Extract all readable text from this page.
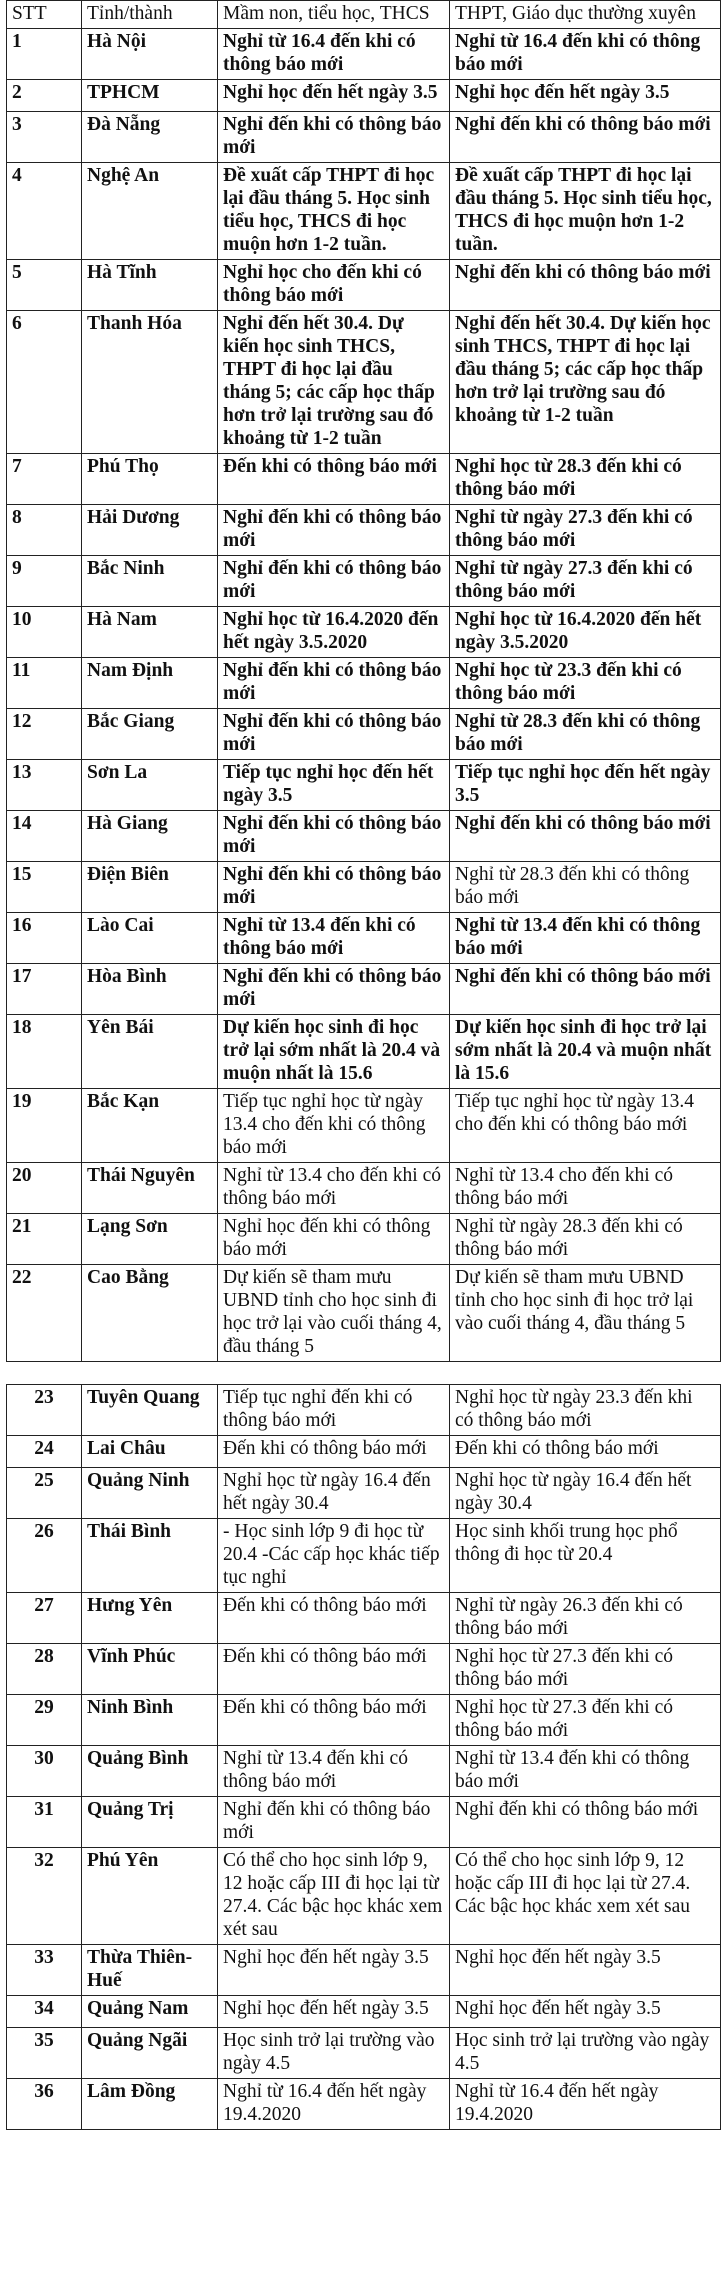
STT	Tỉnh/thành	Mầm non, tiểu học, THCS	THPT, Giáo dục thường xuyên
1	Hà Nội	Nghỉ từ 16.4 đến khi có thông báo mới	Nghỉ từ 16.4 đến khi có thông báo mới
2	TPHCM	Nghỉ học đến hết ngày 3.5	Nghỉ học đến hết ngày 3.5
3	Đà Nẵng	Nghỉ đến khi có thông báo mới	Nghỉ đến khi có thông báo mới
4	Nghệ An	Đề xuất cấp THPT đi học lại đầu tháng 5. Học sinh tiểu học, THCS đi học muộn hơn 1-2 tuần.	Đề xuất cấp THPT đi học lại đầu tháng 5. Học sinh tiểu học, THCS đi học muộn hơn 1-2 tuần.
5	Hà Tĩnh	Nghỉ học cho đến khi có thông báo mới	Nghỉ đến khi có thông báo mới
6	Thanh Hóa	Nghỉ đến hết 30.4. Dự kiến học sinh THCS, THPT đi học lại đầu tháng 5; các cấp học thấp hơn trở lại trường sau đó khoảng từ 1-2 tuần	Nghỉ đến hết 30.4. Dự kiến học sinh THCS, THPT đi học lại đầu tháng 5; các cấp học thấp hơn trở lại trường sau đó khoảng từ 1-2 tuần
7	Phú Thọ	Đến khi có thông báo mới	Nghỉ học từ 28.3 đến khi có thông báo mới
8	Hải Dương	Nghỉ đến khi có thông báo mới	Nghỉ từ ngày 27.3 đến khi có thông báo mới
9	Bắc Ninh	Nghỉ đến khi có thông báo mới	Nghỉ từ ngày 27.3 đến khi có thông báo mới
10	Hà Nam	Nghỉ học từ 16.4.2020 đến hết ngày 3.5.2020	Nghỉ học từ 16.4.2020 đến hết ngày 3.5.2020
11	Nam Định	Nghỉ đến khi có thông báo mới	Nghỉ học từ 23.3 đến khi có thông báo mới
12	Bắc Giang	Nghỉ đến khi có thông báo mới	Nghỉ từ 28.3 đến khi có thông báo mới
13	Sơn La	Tiếp tục nghỉ học đến hết ngày 3.5	Tiếp tục nghỉ học đến hết ngày 3.5
14	Hà Giang	Nghỉ đến khi có thông báo mới	Nghỉ đến khi có thông báo mới
15	Điện Biên	Nghỉ đến khi có thông báo mới	Nghỉ từ 28.3 đến khi có thông báo mới
16	Lào Cai	Nghỉ từ 13.4 đến khi có thông báo mới	Nghỉ từ 13.4 đến khi có thông báo mới
17	Hòa Bình	Nghỉ đến khi có thông báo mới	Nghỉ đến khi có thông báo mới
18	Yên Bái	Dự kiến học sinh đi học trở lại sớm nhất là 20.4 và muộn nhất là 15.6	Dự kiến học sinh đi học trở lại sớm nhất là 20.4 và muộn nhất là 15.6
19	Bắc Kạn	Tiếp tục nghỉ học từ ngày 13.4 cho đến khi có thông báo mới	Tiếp tục nghỉ học từ ngày 13.4 cho đến khi có thông báo mới
20	Thái Nguyên	Nghỉ từ 13.4 cho đến khi có thông báo mới	Nghỉ từ 13.4 cho đến khi có thông báo mới
21	Lạng Sơn	Nghỉ học đến khi có thông báo mới	Nghỉ từ ngày 28.3 đến khi có thông báo mới
22	Cao Bằng	Dự kiến sẽ tham mưu UBND tỉnh cho học sinh đi học trở lại vào cuối tháng 4, đầu tháng 5	Dự kiến sẽ tham mưu UBND tỉnh cho học sinh đi học trở lại vào cuối tháng 4, đầu tháng 5
23	Tuyên Quang	Tiếp tục nghỉ đến khi có thông báo mới	Nghỉ học từ ngày 23.3 đến khi có thông báo mới
24	Lai Châu	Đến khi có thông báo mới	Đến khi có thông báo mới
25	Quảng Ninh	Nghỉ học từ ngày 16.4 đến hết ngày 30.4	Nghỉ học từ ngày 16.4 đến hết ngày 30.4
26	Thái Bình	- Học sinh lớp 9 đi học từ 20.4 -Các cấp học khác tiếp tục nghỉ	Học sinh khối trung học phổ thông đi học từ 20.4
27	Hưng Yên	Đến khi có thông báo mới	Nghỉ từ ngày 26.3 đến khi có thông báo mới
28	Vĩnh Phúc	Đến khi có thông báo mới	Nghỉ học từ 27.3 đến khi có thông báo mới
29	Ninh Bình	Đến khi có thông báo mới	Nghỉ học từ 27.3 đến khi có thông báo mới
30	Quảng Bình	Nghỉ từ 13.4 đến khi có thông báo mới	Nghỉ từ 13.4 đến khi có thông báo mới
31	Quảng Trị	Nghỉ đến khi có thông báo mới	Nghỉ đến khi có thông báo mới
32	Phú Yên	Có thể cho học sinh lớp 9, 12 hoặc cấp III đi học lại từ 27.4. Các bậc học khác xem xét sau	Có thể cho học sinh lớp 9, 12 hoặc cấp III đi học lại từ 27.4. Các bậc học khác xem xét sau
33	Thừa Thiên-Huế	Nghỉ học đến hết ngày 3.5	Nghỉ học đến hết ngày 3.5
34	Quảng Nam	Nghỉ học đến hết ngày 3.5	Nghỉ học đến hết ngày 3.5
35	Quảng Ngãi	Học sinh trở lại trường vào ngày 4.5	Học sinh trở lại trường vào ngày 4.5
36	Lâm Đồng	Nghỉ từ 16.4 đến hết ngày 19.4.2020	Nghỉ từ 16.4 đến hết ngày 19.4.2020
